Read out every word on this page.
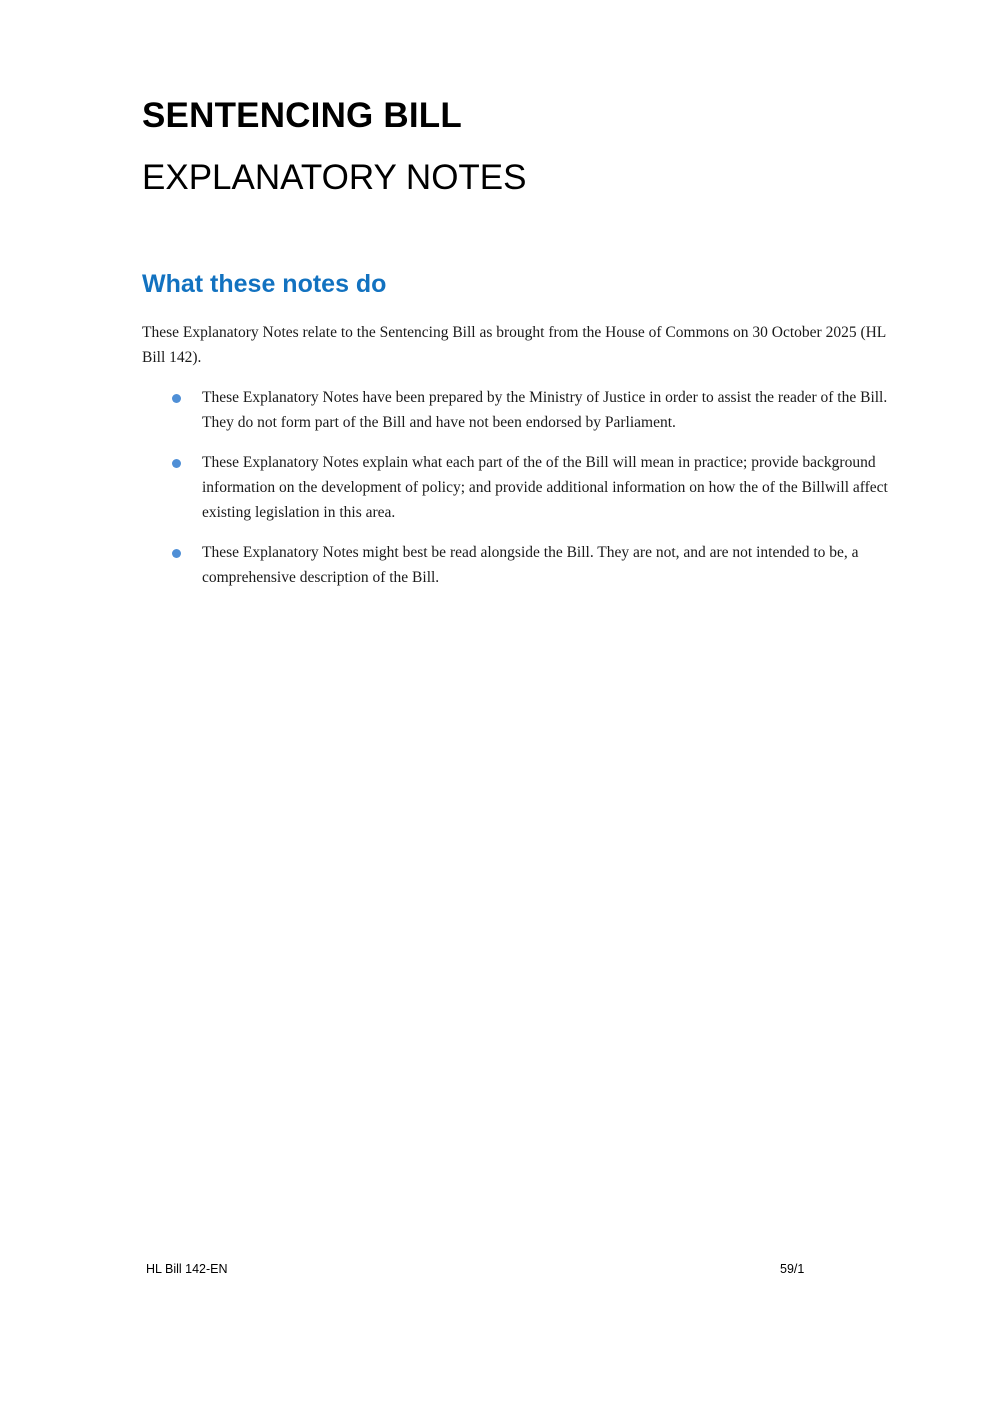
SENTENCING BILL
EXPLANATORY NOTES
What these notes do

These Explanatory Notes relate to the Sentencing Bill as brought from the House of Commons on 30 October 2025 (HL Bill 142).

These Explanatory Notes have been prepared by the Ministry of Justice in order to assist the reader of the Bill. They do not form part of the Bill and have not been endorsed by Parliament.
These Explanatory Notes explain what each part of the of the Bill will mean in practice; provide background information on the development of policy; and provide additional information on how the of the Billwill affect existing legislation in this area.
These Explanatory Notes might best be read alongside the Bill. They are not, and are not intended to be, a comprehensive description of the Bill.

HL Bill 142-EN	59/1
